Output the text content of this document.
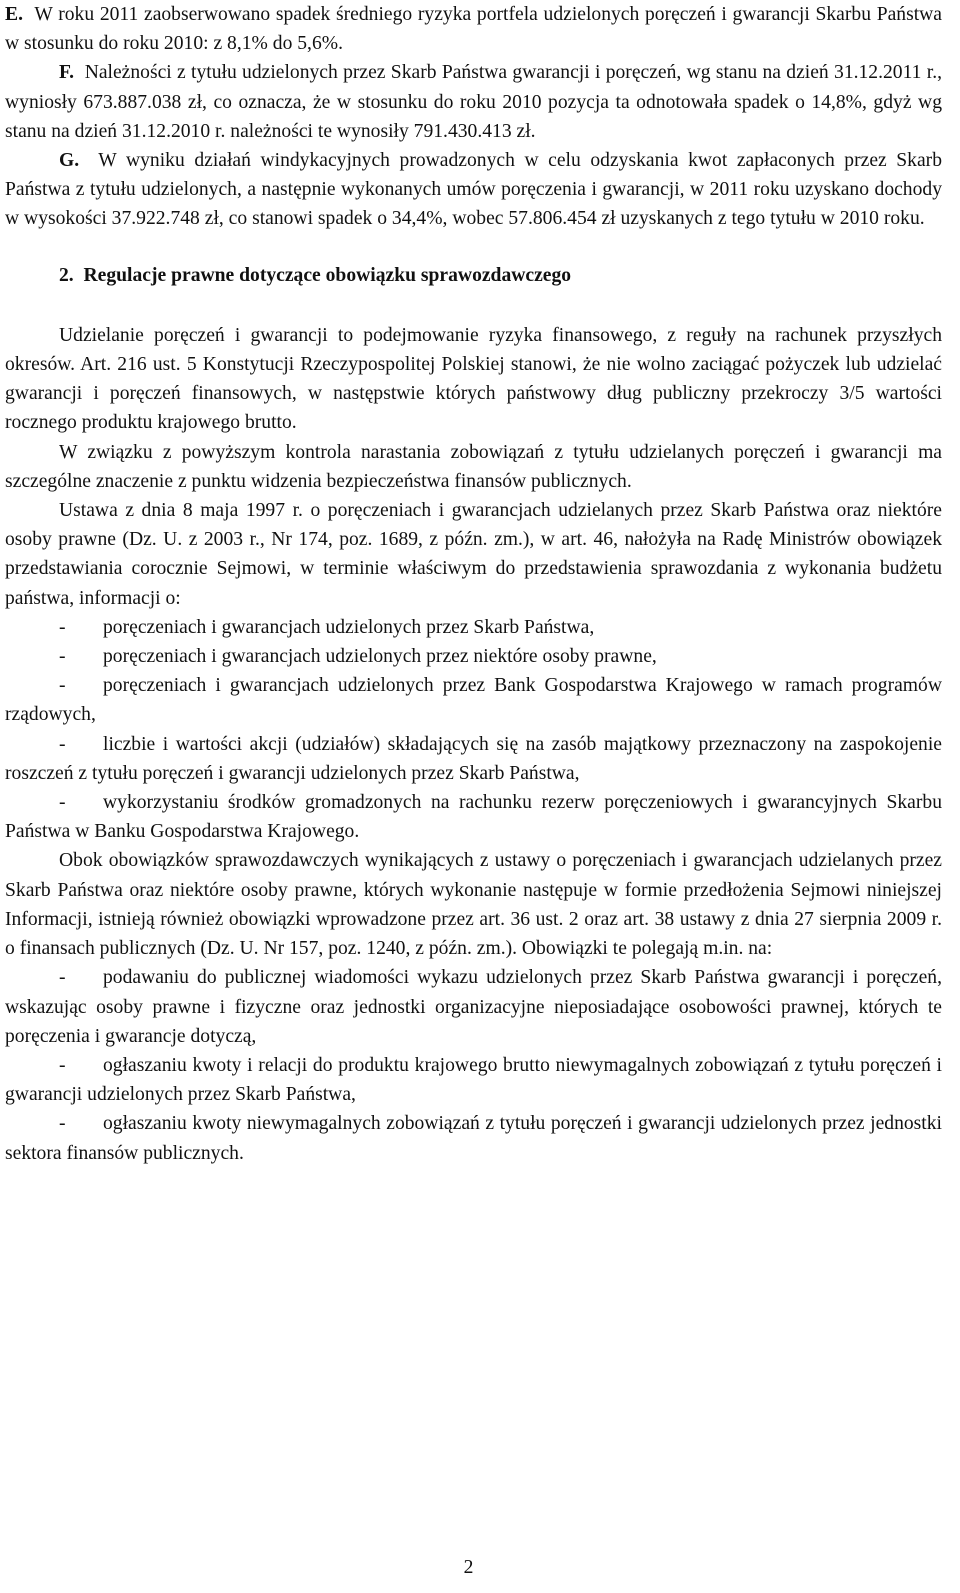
E. W roku 2011 zaobserwowano spadek średniego ryzyka portfela udzielonych poręczeń i gwarancji Skarbu Państwa w stosunku do roku 2010: z 8,1% do 5,6%.

F. Należności z tytułu udzielonych przez Skarb Państwa gwarancji i poręczeń, wg stanu na dzień 31.12.2011 r., wyniosły 673.887.038 zł, co oznacza, że w stosunku do roku 2010 pozycja ta odnotowała spadek o 14,8%, gdyż wg stanu na dzień 31.12.2010 r. należności te wynosiły 791.430.413 zł.

G. W wyniku działań windykacyjnych prowadzonych w celu odzyskania kwot zapłaconych przez Skarb Państwa z tytułu udzielonych, a następnie wykonanych umów poręczenia i gwarancji, w 2011 roku uzyskano dochody w wysokości 37.922.748 zł, co stanowi spadek o 34,4%, wobec 57.806.454 zł uzyskanych z tego tytułu w 2010 roku.

2. Regulacje prawne dotyczące obowiązku sprawozdawczego

Udzielanie poręczeń i gwarancji to podejmowanie ryzyka finansowego, z reguły na rachunek przyszłych okresów. Art. 216 ust. 5 Konstytucji Rzeczypospolitej Polskiej stanowi, że nie wolno zaciągać pożyczek lub udzielać gwarancji i poręczeń finansowych, w następstwie których państwowy dług publiczny przekroczy 3/5 wartości rocznego produktu krajowego brutto.

W związku z powyższym kontrola narastania zobowiązań z tytułu udzielanych poręczeń i gwarancji ma szczególne znaczenie z punktu widzenia bezpieczeństwa finansów publicznych.

Ustawa z dnia 8 maja 1997 r. o poręczeniach i gwarancjach udzielanych przez Skarb Państwa oraz niektóre osoby prawne (Dz. U. z 2003 r., Nr 174, poz. 1689, z późn. zm.), w art. 46, nałożyła na Radę Ministrów obowiązek przedstawiania corocznie Sejmowi, w terminie właściwym do przedstawienia sprawozdania z wykonania budżetu państwa, informacji o:

- poręczeniach i gwarancjach udzielonych przez Skarb Państwa,

- poręczeniach i gwarancjach udzielonych przez niektóre osoby prawne,

- poręczeniach i gwarancjach udzielonych przez Bank Gospodarstwa Krajowego w ramach programów rządowych,

- liczbie i wartości akcji (udziałów) składających się na zasób majątkowy przeznaczony na zaspokojenie roszczeń z tytułu poręczeń i gwarancji udzielonych przez Skarb Państwa,

- wykorzystaniu środków gromadzonych na rachunku rezerw poręczeniowych i gwarancyjnych Skarbu Państwa w Banku Gospodarstwa Krajowego.

Obok obowiązków sprawozdawczych wynikających z ustawy o poręczeniach i gwarancjach udzielanych przez Skarb Państwa oraz niektóre osoby prawne, których wykonanie następuje w formie przedłożenia Sejmowi niniejszej Informacji, istnieją również obowiązki wprowadzone przez art. 36 ust. 2 oraz art. 38 ustawy z dnia 27 sierpnia 2009 r. o finansach publicznych (Dz. U. Nr 157, poz. 1240, z późn. zm.). Obowiązki te polegają m.in. na:

- podawaniu do publicznej wiadomości wykazu udzielonych przez Skarb Państwa gwarancji i poręczeń, wskazując osoby prawne i fizyczne oraz jednostki organizacyjne nieposiadające osobowości prawnej, których te poręczenia i gwarancje dotyczą,

- ogłaszaniu kwoty i relacji do produktu krajowego brutto niewymagalnych zobowiązań z tytułu poręczeń i gwarancji udzielonych przez Skarb Państwa,

- ogłaszaniu kwoty niewymagalnych zobowiązań z tytułu poręczeń i gwarancji udzielonych przez jednostki sektora finansów publicznych.

2
